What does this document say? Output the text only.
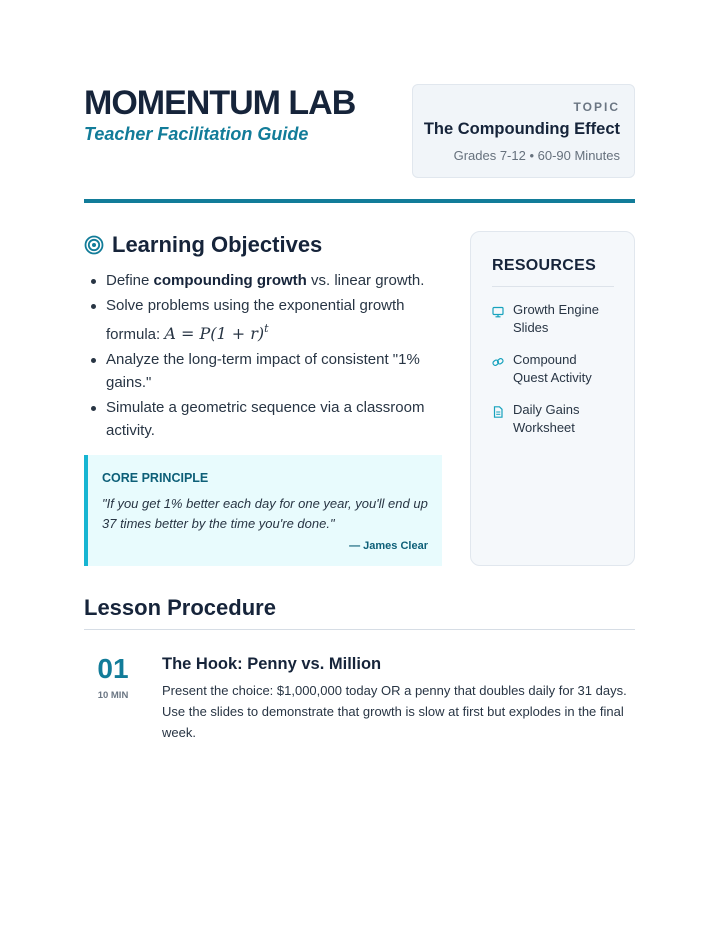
MOMENTUM LAB
Teacher Facilitation Guide
TOPIC
The Compounding Effect
Grades 7-12 • 60-90 Minutes
Learning Objectives
Define compounding growth vs. linear growth.
Solve problems using the exponential growth formula: $A = P(1 + r)^t$
Analyze the long-term impact of consistent "1% gains."
Simulate a geometric sequence via a classroom activity.
CORE PRINCIPLE
"If you get 1% better each day for one year, you'll end up 37 times better by the time you're done."
— James Clear
RESOURCES
Growth Engine Slides
Compound Quest Activity
Daily Gains Worksheet
Lesson Procedure
01
10 MIN
The Hook: Penny vs. Million
Present the choice: $1,000,000 today OR a penny that doubles daily for 31 days. Use the slides to demonstrate that growth is slow at first but explodes in the final week.
